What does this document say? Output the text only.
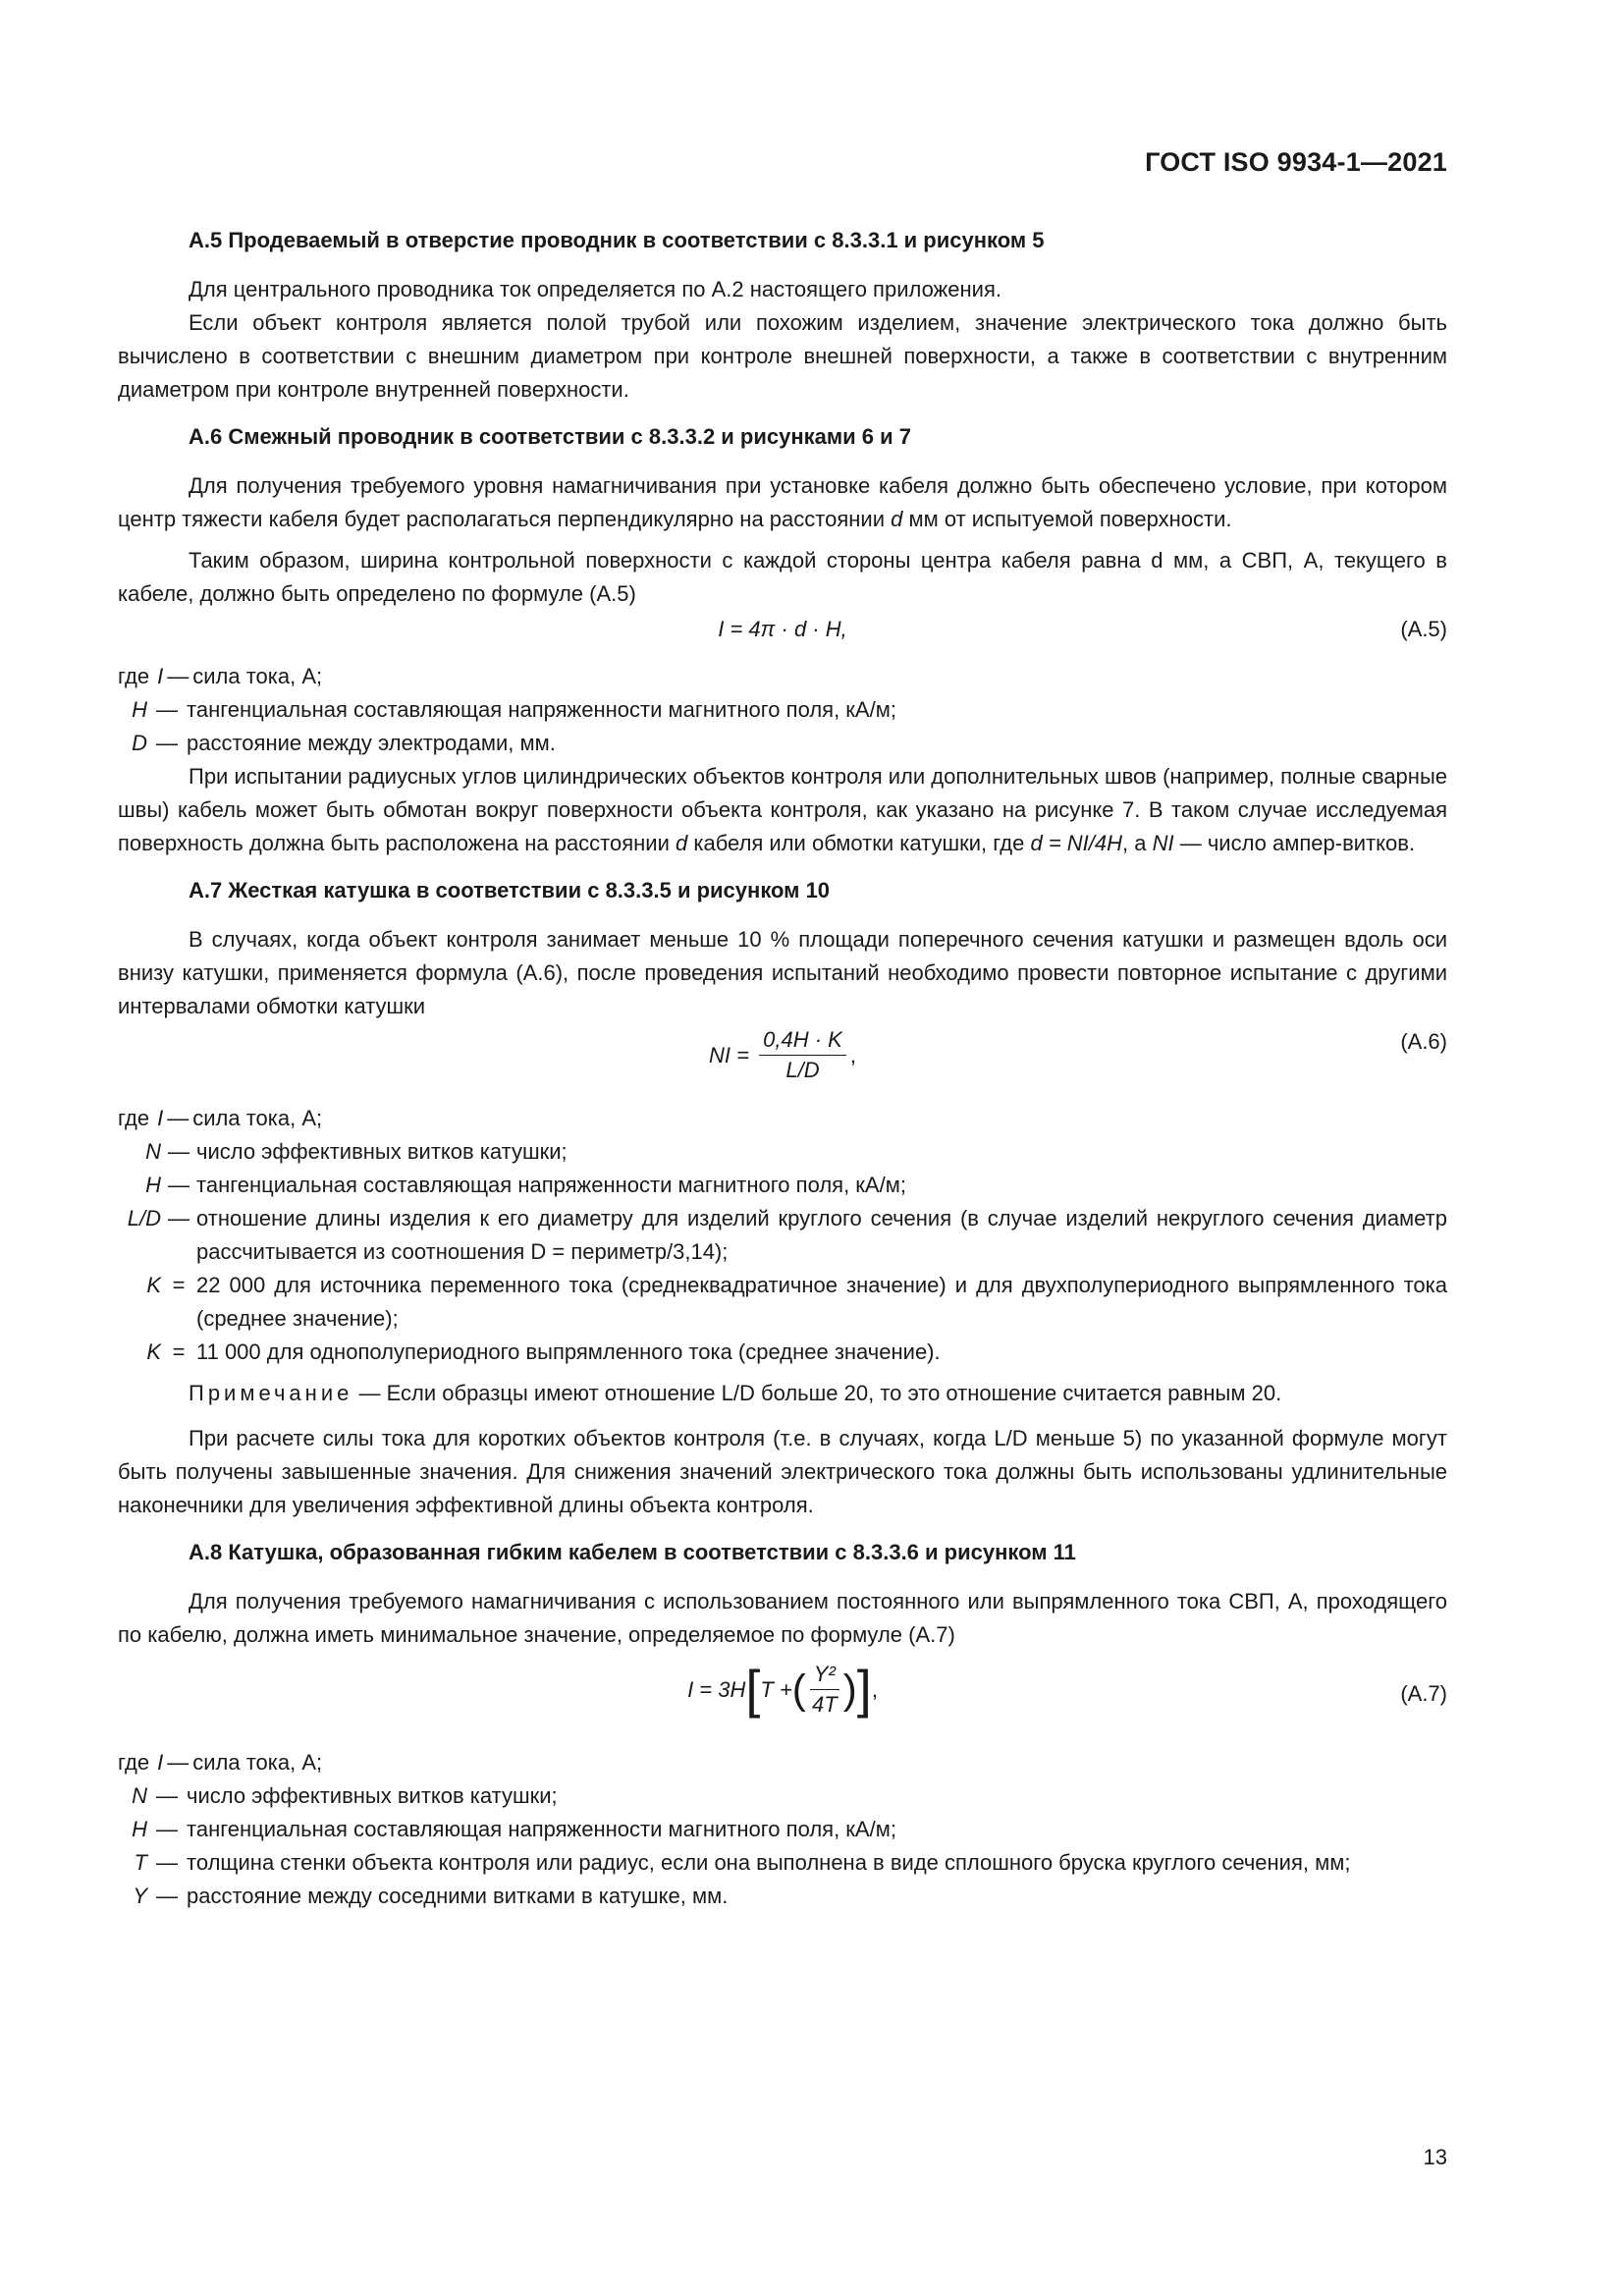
ГОСТ ISO 9934-1—2021
А.5 Продеваемый в отверстие проводник в соответствии с 8.3.3.1 и рисунком 5

Для центрального проводника ток определяется по А.2 настоящего приложения.

Если объект контроля является полой трубой или похожим изделием, значение электрического тока должно быть вычислено в соответствии с внешним диаметром при контроле внешней поверхности, а также в соответствии с внутренним диаметром при контроле внутренней поверхности.

А.6 Смежный проводник в соответствии с 8.3.3.2 и рисунками 6 и 7

Для получения требуемого уровня намагничивания при установке кабеля должно быть обеспечено условие, при котором центр тяжести кабеля будет располагаться перпендикулярно на расстоянии d мм от испытуемой поверхности.

Таким образом, ширина контрольной поверхности с каждой стороны центра кабеля равна d мм, а СВП, А, текущего в кабеле, должно быть определено по формуле (А.5)

I = 4π · d · H,	(А.5)
где I — сила тока, А;
H — тангенциальная составляющая напряженности магнитного поля, кА/м;
D — расстояние между электродами, мм.

При испытании радиусных углов цилиндрических объектов контроля или дополнительных швов (например, полные сварные швы) кабель может быть обмотан вокруг поверхности объекта контроля, как указано на рисунке 7. В таком случае исследуемая поверхность должна быть расположена на расстоянии d кабеля или обмотки катушки, где d = NI/4H, а NI — число ампер-витков.

А.7 Жесткая катушка в соответствии с 8.3.3.5 и рисунком 10

В случаях, когда объект контроля занимает меньше 10 % площади поперечного сечения катушки и размещен вдоль оси внизу катушки, применяется формула (А.6), после проведения испытаний необходимо провести повторное испытание с другими интервалами обмотки катушки

NI = $\frac{0,4H \cdot K}{L/D}$ ,
(А.6)
где I — сила тока, А;
N — число эффективных витков катушки;
H — тангенциальная составляющая напряженности магнитного поля, кА/м;
L/D — отношение длины изделия к его диаметру для изделий круглого сечения (в случае изделий некруглого сечения диаметр рассчитывается из соотношения D = периметр/3,14);
K = 22 000 для источника переменного тока (среднеквадратичное значение) и для двухполупериодного выпрямленного тока (среднее значение);
K = 11 000 для однополупериодного выпрямленного тока (среднее значение).

Примечание — Если образцы имеют отношение L/D больше 20, то это отношение считается равным 20.

При расчете силы тока для коротких объектов контроля (т.е. в случаях, когда L/D меньше 5) по указанной формуле могут быть получены завышенные значения. Для снижения значений электрического тока должны быть использованы удлинительные наконечники для увеличения эффективной длины объекта контроля.

А.8 Катушка, образованная гибким кабелем в соответствии с 8.3.3.6 и рисунком 11

Для получения требуемого намагничивания с использованием постоянного или выпрямленного тока СВП, А, проходящего по кабелю, должна иметь минимальное значение, определяемое по формуле (А.7)

I = 3H[T +( $\frac{\text{Y²}}{4T}$ )],	(А.7)
где I — сила тока, А;
N — число эффективных витков катушки;
H — тангенциальная составляющая напряженности магнитного поля, кА/м;
T — толщина стенки объекта контроля или радиус, если она выполнена в виде сплошного бруска круглого сечения, мм;
Y — расстояние между соседними витками в катушке, мм.
13
